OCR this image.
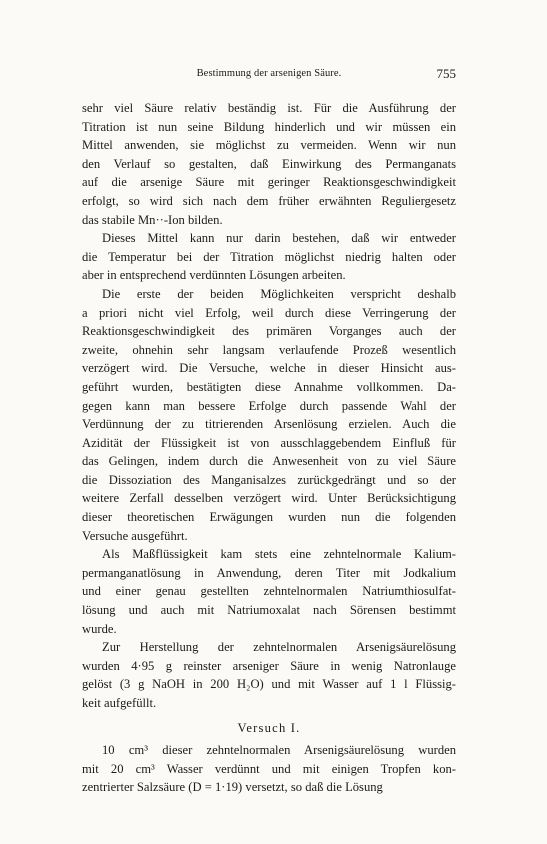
Bestimmung der arsenigen Säure.	755

sehr viel Säure relativ beständig ist. Für die Ausführung der
Titration ist nun seine Bildung hinderlich und wir müssen ein
Mittel anwenden, sie möglichst zu vermeiden. Wenn wir nun
den Verlauf so gestalten, daß Einwirkung des Permanganats
auf die arsenige Säure mit geringer Reaktionsgeschwindigkeit
erfolgt, so wird sich nach dem früher erwähnten Reguliergesetz
das stabile Mn··-Ion bilden.

Dieses Mittel kann nur darin bestehen, daß wir entweder
die Temperatur bei der Titration möglichst niedrig halten oder
aber in entsprechend verdünnten Lösungen arbeiten.

Die erste der beiden Möglichkeiten verspricht deshalb
a priori nicht viel Erfolg, weil durch diese Verringerung der
Reaktionsgeschwindigkeit des primären Vorganges auch der
zweite, ohnehin sehr langsam verlaufende Prozeß wesentlich
verzögert wird. Die Versuche, welche in dieser Hinsicht aus-
geführt wurden, bestätigten diese Annahme vollkommen. Da-
gegen kann man bessere Erfolge durch passende Wahl der
Verdünnung der zu titrierenden Arsenlösung erzielen. Auch die
Azidität der Flüssigkeit ist von ausschlaggebendem Einfluß für
das Gelingen, indem durch die Anwesenheit von zu viel Säure
die Dissoziation des Manganisalzes zurückgedrängt und so der
weitere Zerfall desselben verzögert wird. Unter Berücksichtigung
dieser theoretischen Erwägungen wurden nun die folgenden
Versuche ausgeführt.

Als Maßflüssigkeit kam stets eine zehntelnormale Kalium-
permanganatlösung in Anwendung, deren Titer mit Jodkalium
und einer genau gestellten zehntelnormalen Natriumthiosulfat-
lösung und auch mit Natriumoxalat nach Sörensen bestimmt
wurde.

Zur Herstellung der zehntelnormalen Arsenigsäurelösung
wurden 4·95 g reinster arseniger Säure in wenig Natronlauge
gelöst (3 g NaOH in 200 H₂O) und mit Wasser auf 1 l Flüssig-
keit aufgefüllt.

Versuch I.

10 cm³ dieser zehntelnormalen Arsenigsäurelösung wurden
mit 20 cm³ Wasser verdünnt und mit einigen Tropfen kon-
zentrierter Salzsäure (D = 1·19) versetzt, so daß die Lösung
